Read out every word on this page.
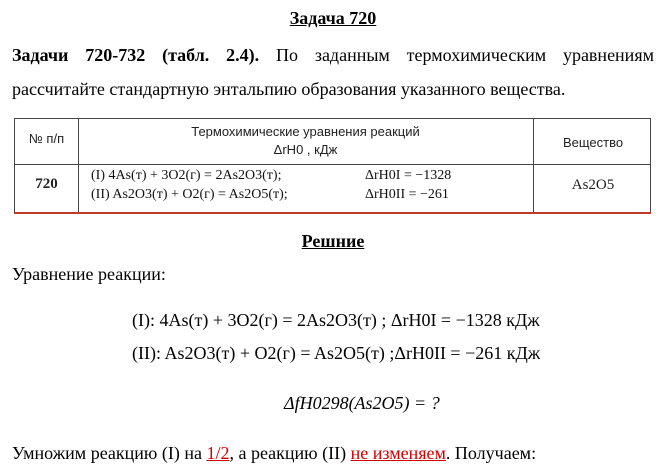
Задача 720
Задачи 720-732 (табл. 2.4). По заданным термохимическим уравнениям
рассчитайте стандартную энтальпию образования указанного вещества.
№ п/п	Термохимические уравнения реакций
ΔrH0 , кДж	Вещество
720
(I) 4As(т) + 3O2(г) = 2As2O3(т);
(II) As2O3(т) + O2(г) = As2O5(т);
ΔrH0I = −1328
ΔrH0II = −261
As2O5
Решние
Уравнение реакции:
(I): 4As(т) + 3O2(г) = 2As2O3(т) ; ΔrH0I = −1328 кДж
(II): As2O3(т) + O2(г) = As2O5(т) ;ΔrH0II = −261 кДж
ΔfH0298(As2O5) = ?
Умножим реакцию (I) на 1/2, а реакцию (II) не изменяем. Получаем:
